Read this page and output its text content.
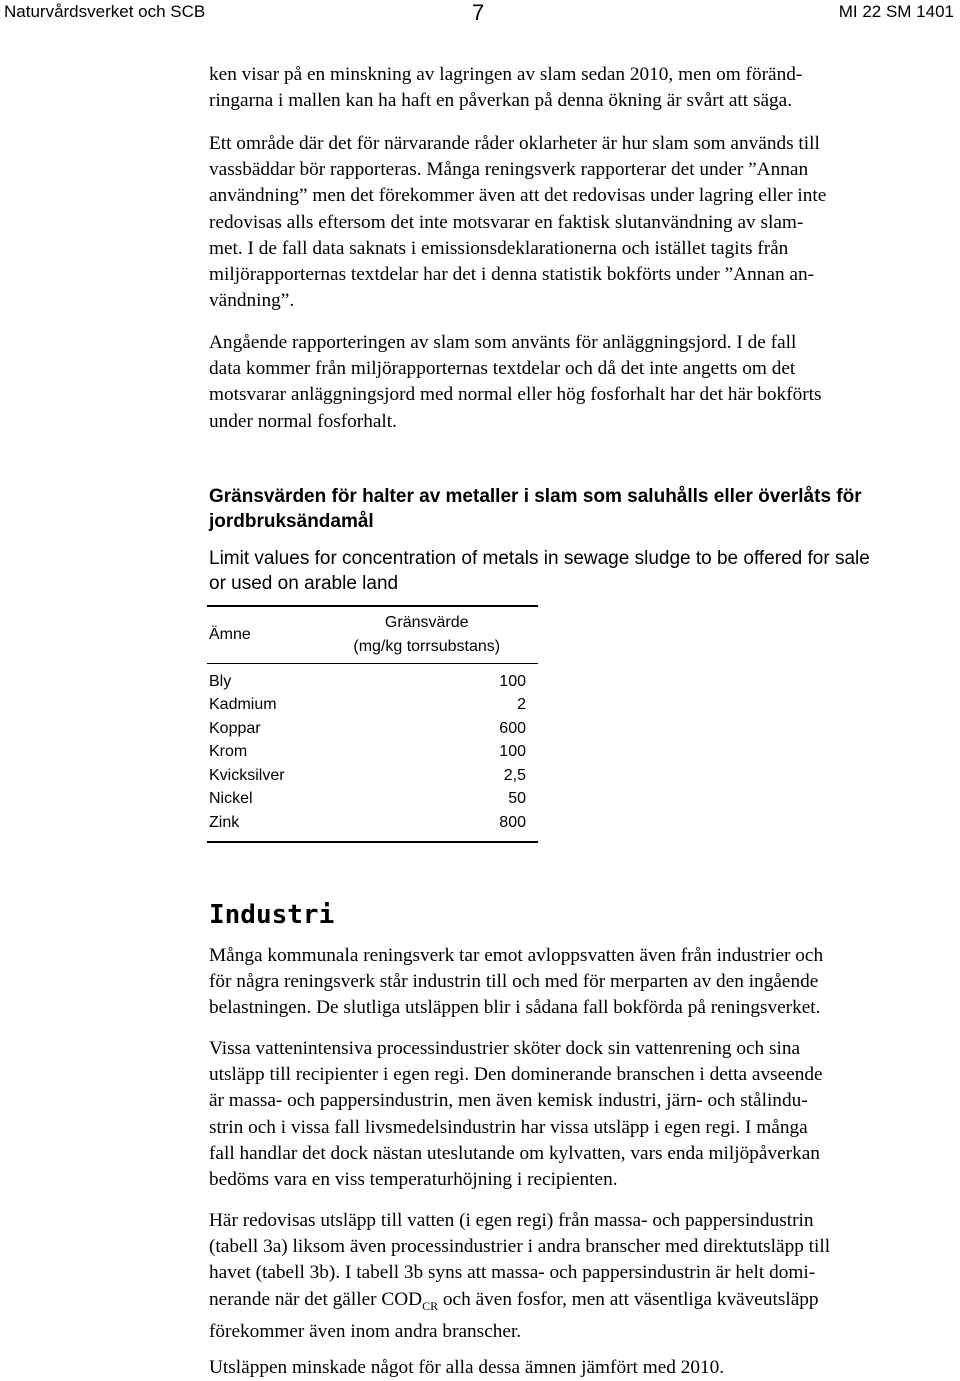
Naturvårdsverket och SCB	7	MI 22 SM 1401
ken visar på en minskning av lagringen av slam sedan 2010, men om föränd-
ringarna i mallen kan ha haft en påverkan på denna ökning är svårt att säga.
Ett område där det för närvarande råder oklarheter är hur slam som används till
vassbäddar bör rapporteras. Många reningsverk rapporterar det under ”Annan
användning” men det förekommer även att det redovisas under lagring eller inte
redovisas alls eftersom det inte motsvarar en faktisk slutanvändning av slam-
met. I de fall data saknats i emissionsdeklarationerna och istället tagits från
miljörapporternas textdelar har det i denna statistik bokförts under ”Annan an-
vändning”.
Angående rapporteringen av slam som använts för anläggningsjord. I de fall
data kommer från miljörapporternas textdelar och då det inte angetts om det
motsvarar anläggningsjord med normal eller hög fosforhalt har det här bokförts
under normal fosforhalt.
Gränsvärden för halter av metaller i slam som saluhålls eller överlåts för
jordbruksändamål
Limit values for concentration of metals in sewage sludge to be offered for sale
or used on arable land

Ämne	Gränsvärde
(mg/kg torrsubstans)

Bly	100
Kadmium	2
Koppar	600
Krom	100
Kvicksilver	2,5
Nickel	50
Zink	800

Industri
Många kommunala reningsverk tar emot avloppsvatten även från industrier och
för några reningsverk står industrin till och med för merparten av den ingående
belastningen. De slutliga utsläppen blir i sådana fall bokförda på reningsverket.
Vissa vattenintensiva processindustrier sköter dock sin vattenrening och sina
utsläpp till recipienter i egen regi. Den dominerande branschen i detta avseende
är massa- och pappersindustrin, men även kemisk industri, järn- och stålindu-
strin och i vissa fall livsmedelsindustrin har vissa utsläpp i egen regi. I många
fall handlar det dock nästan uteslutande om kylvatten, vars enda miljöpåverkan
bedöms vara en viss temperaturhöjning i recipienten.
Här redovisas utsläpp till vatten (i egen regi) från massa- och pappersindustrin
(tabell 3a) liksom även processindustrier i andra branscher med direktutsläpp till
havet (tabell 3b). I tabell 3b syns att massa- och pappersindustrin är helt domi-
nerande när det gäller $COD_{CR}$ och även fosfor, men att väsentliga kväveutsläpp
förekommer även inom andra branscher.
Utsläppen minskade något för alla dessa ämnen jämfört med 2010.
